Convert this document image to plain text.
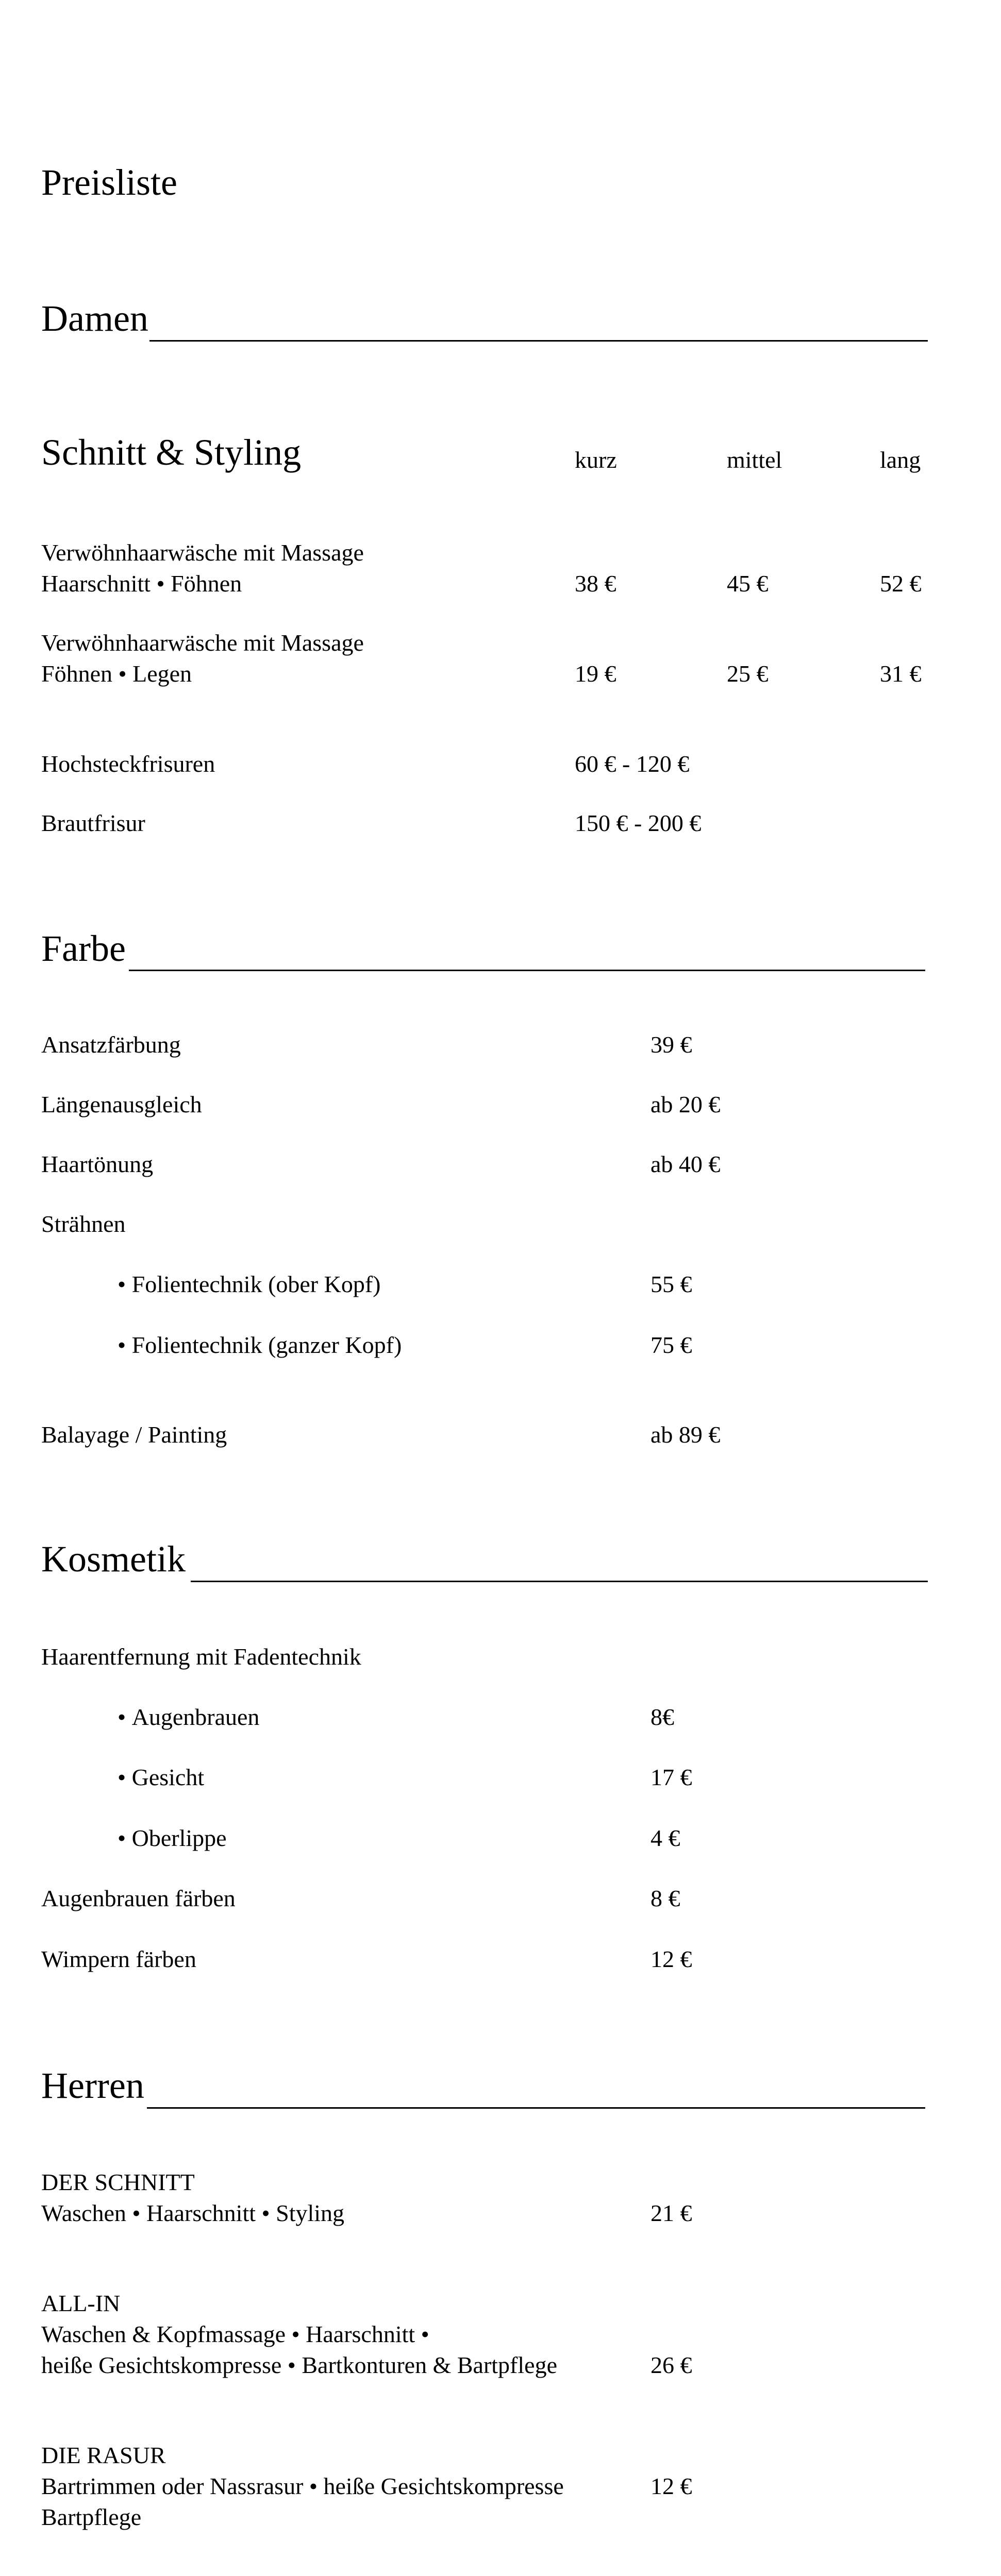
Preisliste
Damen
Schnitt & Styling	kurz	mittel	lang
Verwöhnhaarwäsche mit Massage
Haarschnitt • Föhnen	38 €	45 €	52 €
Verwöhnhaarwäsche mit Massage
Föhnen • Legen	19 €	25 €	31 €
Hochsteckfrisuren	60 € - 120 €
Brautfrisur	150 € - 200 €
Farbe
Ansatzfärbung	39 €
Längenausgleich	ab 20 €
Haartönung	ab 40 €
Strähnen
• Folientechnik (ober Kopf)	55 €
• Folientechnik (ganzer Kopf)	75 €
Balayage / Painting	ab 89 €
Kosmetik
Haarentfernung mit Fadentechnik
• Augenbrauen	8€
• Gesicht	17 €
• Oberlippe	4 €
Augenbrauen färben	8 €
Wimpern färben	12 €
Herren
DER SCHNITT
Waschen • Haarschnitt • Styling	21 €
ALL-IN
Waschen & Kopfmassage • Haarschnitt •
heiße Gesichtskompresse • Bartkonturen & Bartpflege	26 €
DIE RASUR
Bartrimmen oder Nassrasur • heiße Gesichtskompresse	12 €
Bartpflege
